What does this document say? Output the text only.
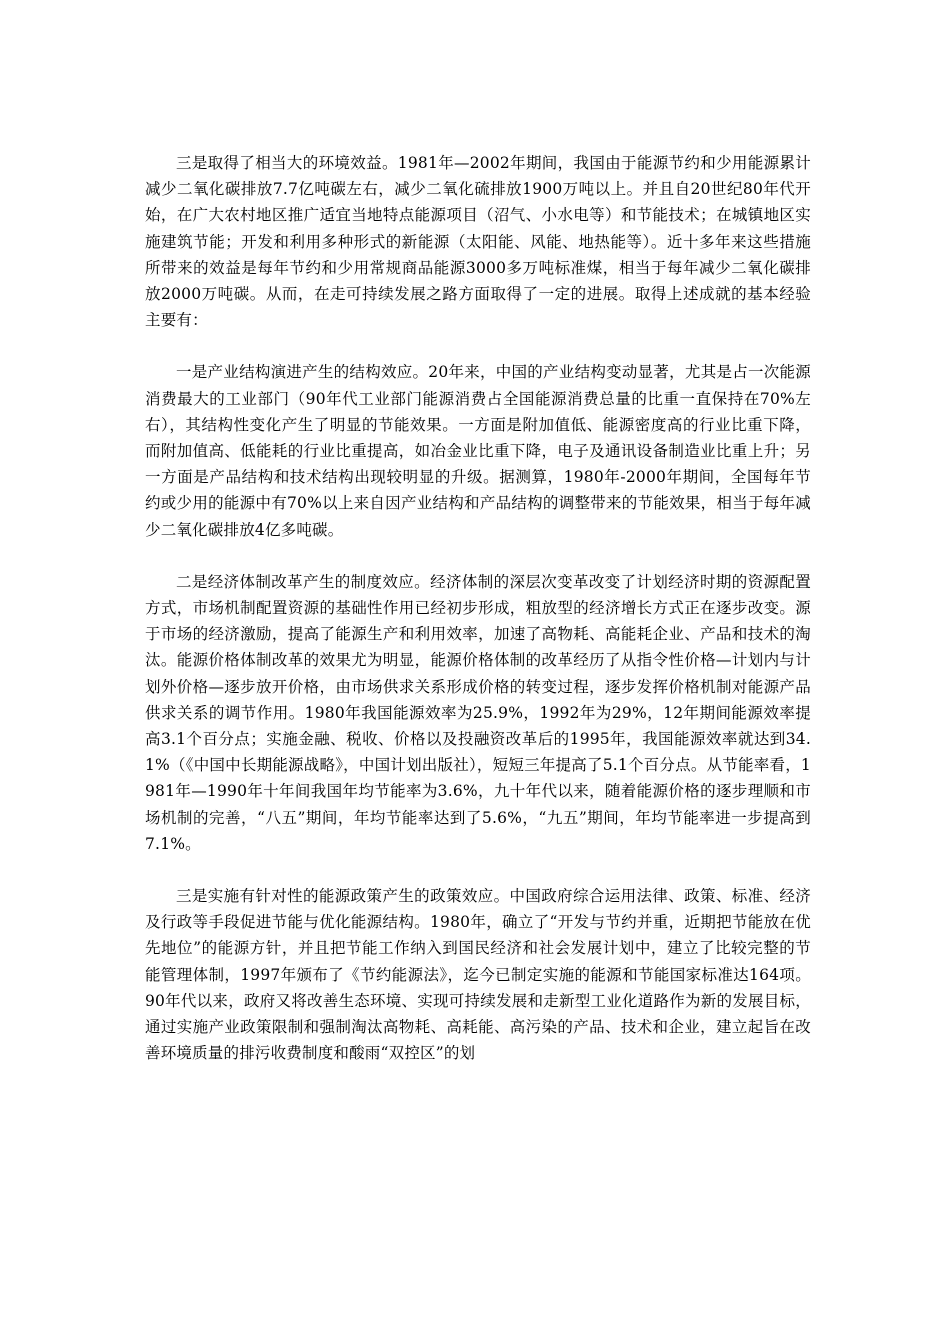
三是取得了相当大的环境效益。1981年—2002年期间，我国由于能源节约和少用能源累计减少二氧化碳排放7.7亿吨碳左右，减少二氧化硫排放1900万吨以上。并且自20世纪80年代开始，在广大农村地区推广适宜当地特点能源项目（沼气、小水电等）和节能技术；在城镇地区实施建筑节能；开发和利用多种形式的新能源（太阳能、风能、地热能等）。近十多年来这些措施所带来的效益是每年节约和少用常规商品能源3000多万吨标准煤，相当于每年减少二氧化碳排放2000万吨碳。从而，在走可持续发展之路方面取得了一定的进展。取得上述成就的基本经验主要有：

一是产业结构演进产生的结构效应。20年来，中国的产业结构变动显著，尤其是占一次能源消费最大的工业部门（90年代工业部门能源消费占全国能源消费总量的比重一直保持在70%左右），其结构性变化产生了明显的节能效果。一方面是附加值低、能源密度高的行业比重下降，而附加值高、低能耗的行业比重提高，如冶金业比重下降，电子及通讯设备制造业比重上升；另一方面是产品结构和技术结构出现较明显的升级。据测算，1980年-2000年期间，全国每年节约或少用的能源中有70%以上来自因产业结构和产品结构的调整带来的节能效果，相当于每年减少二氧化碳排放4亿多吨碳。

二是经济体制改革产生的制度效应。经济体制的深层次变革改变了计划经济时期的资源配置方式，市场机制配置资源的基础性作用已经初步形成，粗放型的经济增长方式正在逐步改变。源于市场的经济激励，提高了能源生产和利用效率，加速了高物耗、高能耗企业、产品和技术的淘汰。能源价格体制改革的效果尤为明显，能源价格体制的改革经历了从指令性价格—计划内与计划外价格—逐步放开价格，由市场供求关系形成价格的转变过程，逐步发挥价格机制对能源产品供求关系的调节作用。1980年我国能源效率为25.9%，1992年为29%，12年期间能源效率提高3.1个百分点；实施金融、税收、价格以及投融资改革后的1995年，我国能源效率就达到34.1%（《中国中长期能源战略》，中国计划出版社），短短三年提高了5.1个百分点。从节能率看，1981年—1990年十年间我国年均节能率为3.6%，九十年代以来，随着能源价格的逐步理顺和市场机制的完善，“八五”期间，年均节能率达到了5.6%，“九五”期间，年均节能率进一步提高到7.1%。

三是实施有针对性的能源政策产生的政策效应。中国政府综合运用法律、政策、标准、经济及行政等手段促进节能与优化能源结构。1980年，确立了“开发与节约并重，近期把节能放在优先地位”的能源方针，并且把节能工作纳入到国民经济和社会发展计划中，建立了比较完整的节能管理体制，1997年颁布了《节约能源法》，迄今已制定实施的能源和节能国家标准达164项。90年代以来，政府又将改善生态环境、实现可持续发展和走新型工业化道路作为新的发展目标，通过实施产业政策限制和强制淘汰高物耗、高耗能、高污染的产品、技术和企业，建立起旨在改善环境质量的排污收费制度和酸雨“双控区”的划
